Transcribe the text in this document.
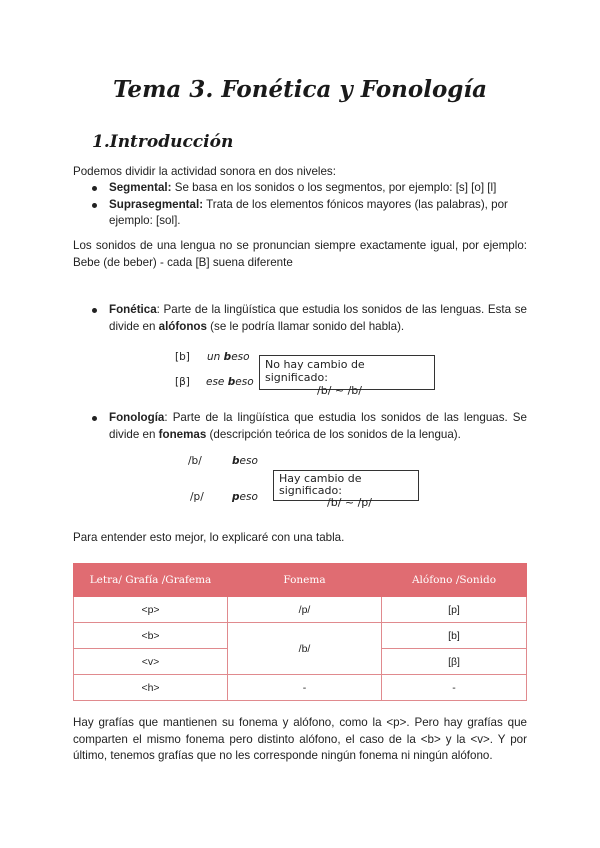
Tema 3. Fonética y Fonología
1.Introducción
Podemos dividir la actividad sonora en dos niveles:
Segmental: Se basa en los sonidos o los segmentos, por ejemplo: [s] [o] [l]
Suprasegmental: Trata de los elementos fónicos mayores (las palabras), por ejemplo: [sol].
Los sonidos de una lengua no se pronuncian siempre exactamente igual, por ejemplo: Bebe (de beber) - cada [B] suena diferente
Fonética: Parte de la lingüística que estudia los sonidos de las lenguas. Esta se divide en alófonos (se le podría llamar sonido del habla).
[b] un beso
[β] ese beso
No hay cambio de significado:
/b/ ~ /b/
Fonología: Parte de la lingüística que estudia los sonidos de las lenguas. Se divide en fonemas (descripción teórica de los sonidos de la lengua).
/b/	beso
/p/	peso
Hay cambio de significado:
/b/ ~ /p/
Para entender esto mejor, lo explicaré con una tabla.
Letra/ Grafía /Grafema	Fonema	Alófono /Sonido
<p>	/p/	[p]
<b>	/b/	[b]
<v>		[β]
<h>	-	-
Hay grafías que mantienen su fonema y alófono, como la <p>. Pero hay grafías que comparten el mismo fonema pero distinto alófono, el caso de la <b> y la <v>. Y por último, tenemos grafías que no les corresponde ningún fonema ni ningún alófono.
